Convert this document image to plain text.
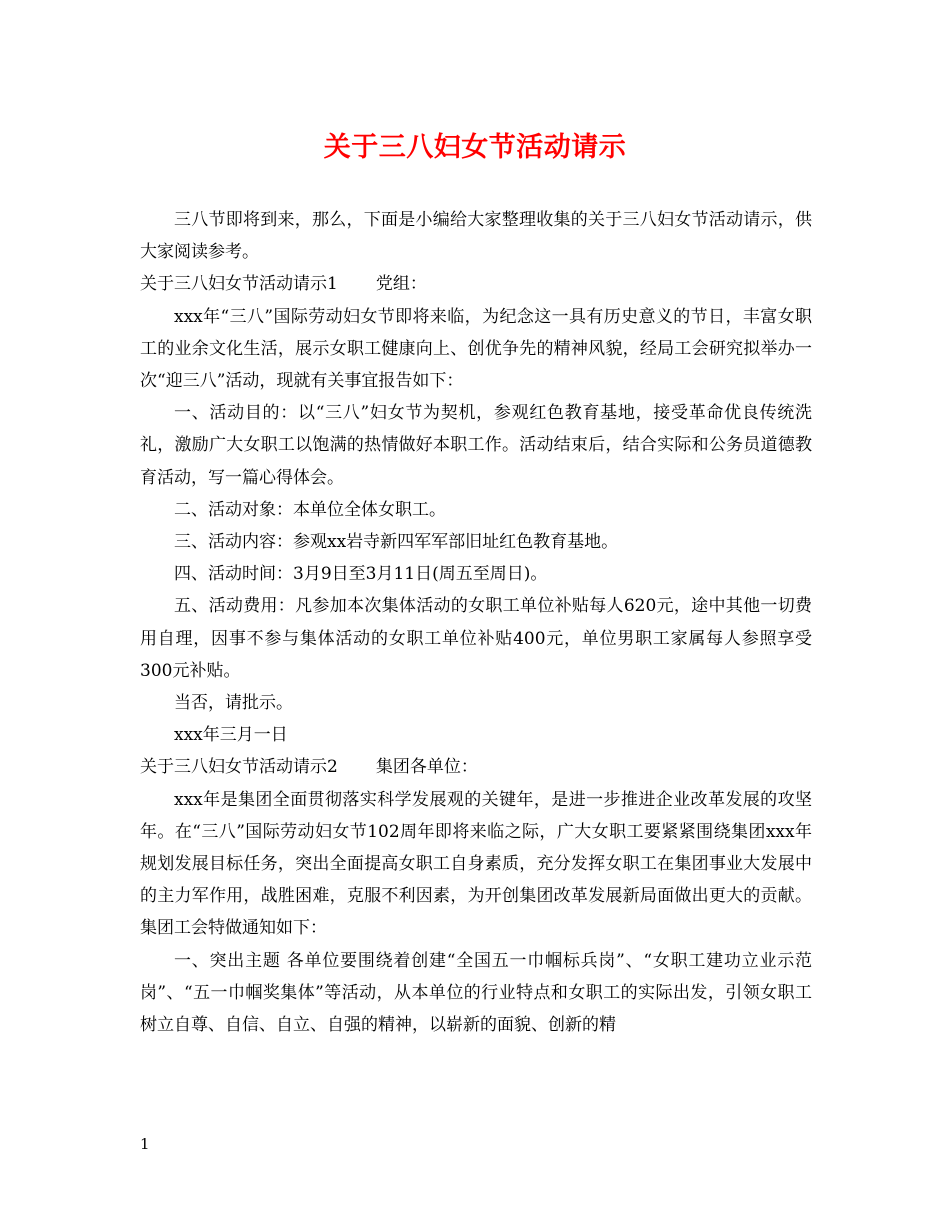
关于三八妇女节活动请示

三八节即将到来，那么，下面是小编给大家整理收集的关于三八妇女节活动请示，供大家阅读参考。

关于三八妇女节活动请示1 党组：

xxx年“三八”国际劳动妇女节即将来临，为纪念这一具有历史意义的节日，丰富女职工的业余文化生活，展示女职工健康向上、创优争先的精神风貌，经局工会研究拟举办一次“迎三八”活动，现就有关事宜报告如下：

一、活动目的：以“三八”妇女节为契机，参观红色教育基地，接受革命优良传统洗礼，激励广大女职工以饱满的热情做好本职工作。活动结束后，结合实际和公务员道德教育活动，写一篇心得体会。

二、活动对象：本单位全体女职工。

三、活动内容：参观xx岩寺新四军军部旧址红色教育基地。

四、活动时间：3月9日至3月11日(周五至周日)。

五、活动费用：凡参加本次集体活动的女职工单位补贴每人620元，途中其他一切费用自理，因事不参与集体活动的女职工单位补贴400元，单位男职工家属每人参照享受300元补贴。

当否，请批示。

xxx年三月一日

关于三八妇女节活动请示2 集团各单位：

xxx年是集团全面贯彻落实科学发展观的关键年，是进一步推进企业改革发展的攻坚年。在“三八”国际劳动妇女节102周年即将来临之际，广大女职工要紧紧围绕集团xxx年规划发展目标任务，突出全面提高女职工自身素质，充分发挥女职工在集团事业大发展中的主力军作用，战胜困难，克服不利因素，为开创集团改革发展新局面做出更大的贡献。集团工会特做通知如下：

一、突出主题 各单位要围绕着创建“全国五一巾帼标兵岗”、“女职工建功立业示范岗”、“五一巾帼奖集体”等活动，从本单位的行业特点和女职工的实际出发，引领女职工树立自尊、自信、自立、自强的精神，以崭新的面貌、创新的精

1
